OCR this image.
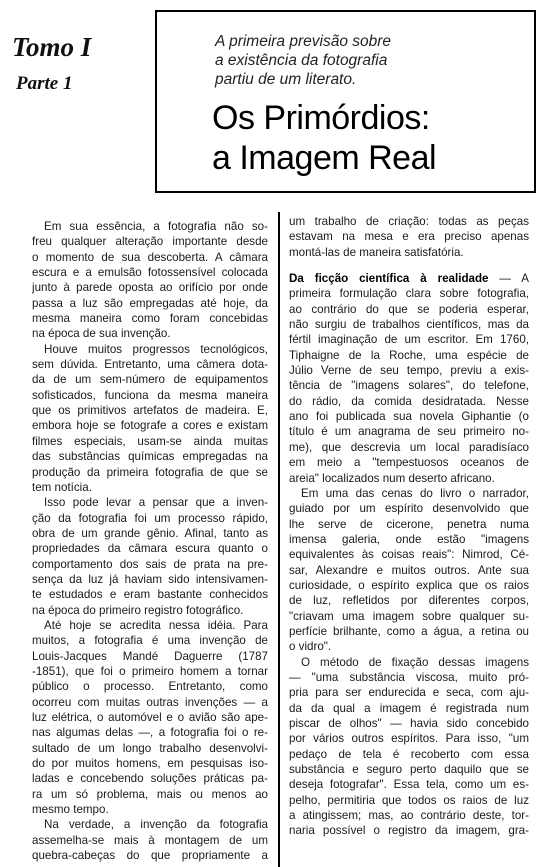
Tomo I
Parte 1
A primeira previsão sobre
a existência da fotografia
partiu de um literato.
Os Primórdios:
a Imagem Real
Em sua essência, a fotografia não so-
freu qualquer alteração importante desde
o momento de sua descoberta. A câmara
escura e a emulsão fotossensível colocada
junto à parede oposta ao orifício por onde
passa a luz são empregadas até hoje, da
mesma maneira como foram concebidas
na época de sua invenção.
Houve muitos progressos tecnológicos,
sem dúvida. Entretanto, uma câmera dota-
da de um sem-número de equipamentos
sofisticados, funciona da mesma maneira
que os primitivos artefatos de madeira. E,
embora hoje se fotografe a cores e existam
filmes especiais, usam-se ainda muitas
das substâncias químicas empregadas na
produção da primeira fotografia de que se
tem notícia.
Isso pode levar a pensar que a inven-
ção da fotografia foi um processo rápido,
obra de um grande gênio. Afinal, tanto as
propriedades da câmara escura quanto o
comportamento dos sais de prata na pre-
sença da luz já haviam sido intensivamen-
te estudados e eram bastante conhecidos
na época do primeiro registro fotográfico.
Até hoje se acredita nessa idéia. Para
muitos, a fotografia é uma invenção de
Louis-Jacques Mandé Daguerre (1787
-1851), que foi o primeiro homem a tornar
público o processo. Entretanto, como
ocorreu com muitas outras invenções — a
luz elétrica, o automóvel e o avião são ape-
nas algumas delas —, a fotografia foi o re-
sultado de um longo trabalho desenvolvi-
do por muitos homens, em pesquisas iso-
ladas e concebendo soluções práticas pa-
ra um só problema, mais ou menos ao
mesmo tempo.
Na verdade, a invenção da fotografia
assemelha-se mais à montagem de um
quebra-cabeças do que propriamente a
um trabalho de criação: todas as peças
estavam na mesa e era preciso apenas
montá-las de maneira satisfatória.
Da ficção científica à realidade — A
primeira formulação clara sobre fotografia,
ao contrário do que se poderia esperar,
não surgiu de trabalhos científicos, mas da
fértil imaginação de um escritor. Em 1760,
Tiphaigne de la Roche, uma espécie de
Júlio Verne de seu tempo, previu a exis-
tência de "imagens solares", do telefone,
do rádio, da comida desidratada. Nesse
ano foi publicada sua novela Giphantie (o
título é um anagrama de seu primeiro no-
me), que descrevia um local paradisíaco
em meio a "tempestuosos oceanos de
areia" localizados num deserto africano.
Em uma das cenas do livro o narrador,
guiado por um espírito desenvolvido que
lhe serve de cicerone, penetra numa
imensa galeria, onde estão "imagens
equivalentes às coisas reais": Nimrod, Cé-
sar, Alexandre e muitos outros. Ante sua
curiosidade, o espírito explica que os raios
de luz, refletidos por diferentes corpos,
"criavam uma imagem sobre qualquer su-
perfície brilhante, como a água, a retina ou
o vidro".
O método de fixação dessas imagens
— "uma substância viscosa, muito pró-
pria para ser endurecida e seca, com aju-
da da qual a imagem é registrada num
piscar de olhos" — havia sido concebido
por vários outros espíritos. Para isso, "um
pedaço de tela é recoberto com essa
substância e seguro perto daquilo que se
deseja fotografar". Essa tela, como um es-
pelho, permitiria que todos os raios de luz
a atingissem; mas, ao contrário deste, tor-
naria possível o registro da imagem, gra-
